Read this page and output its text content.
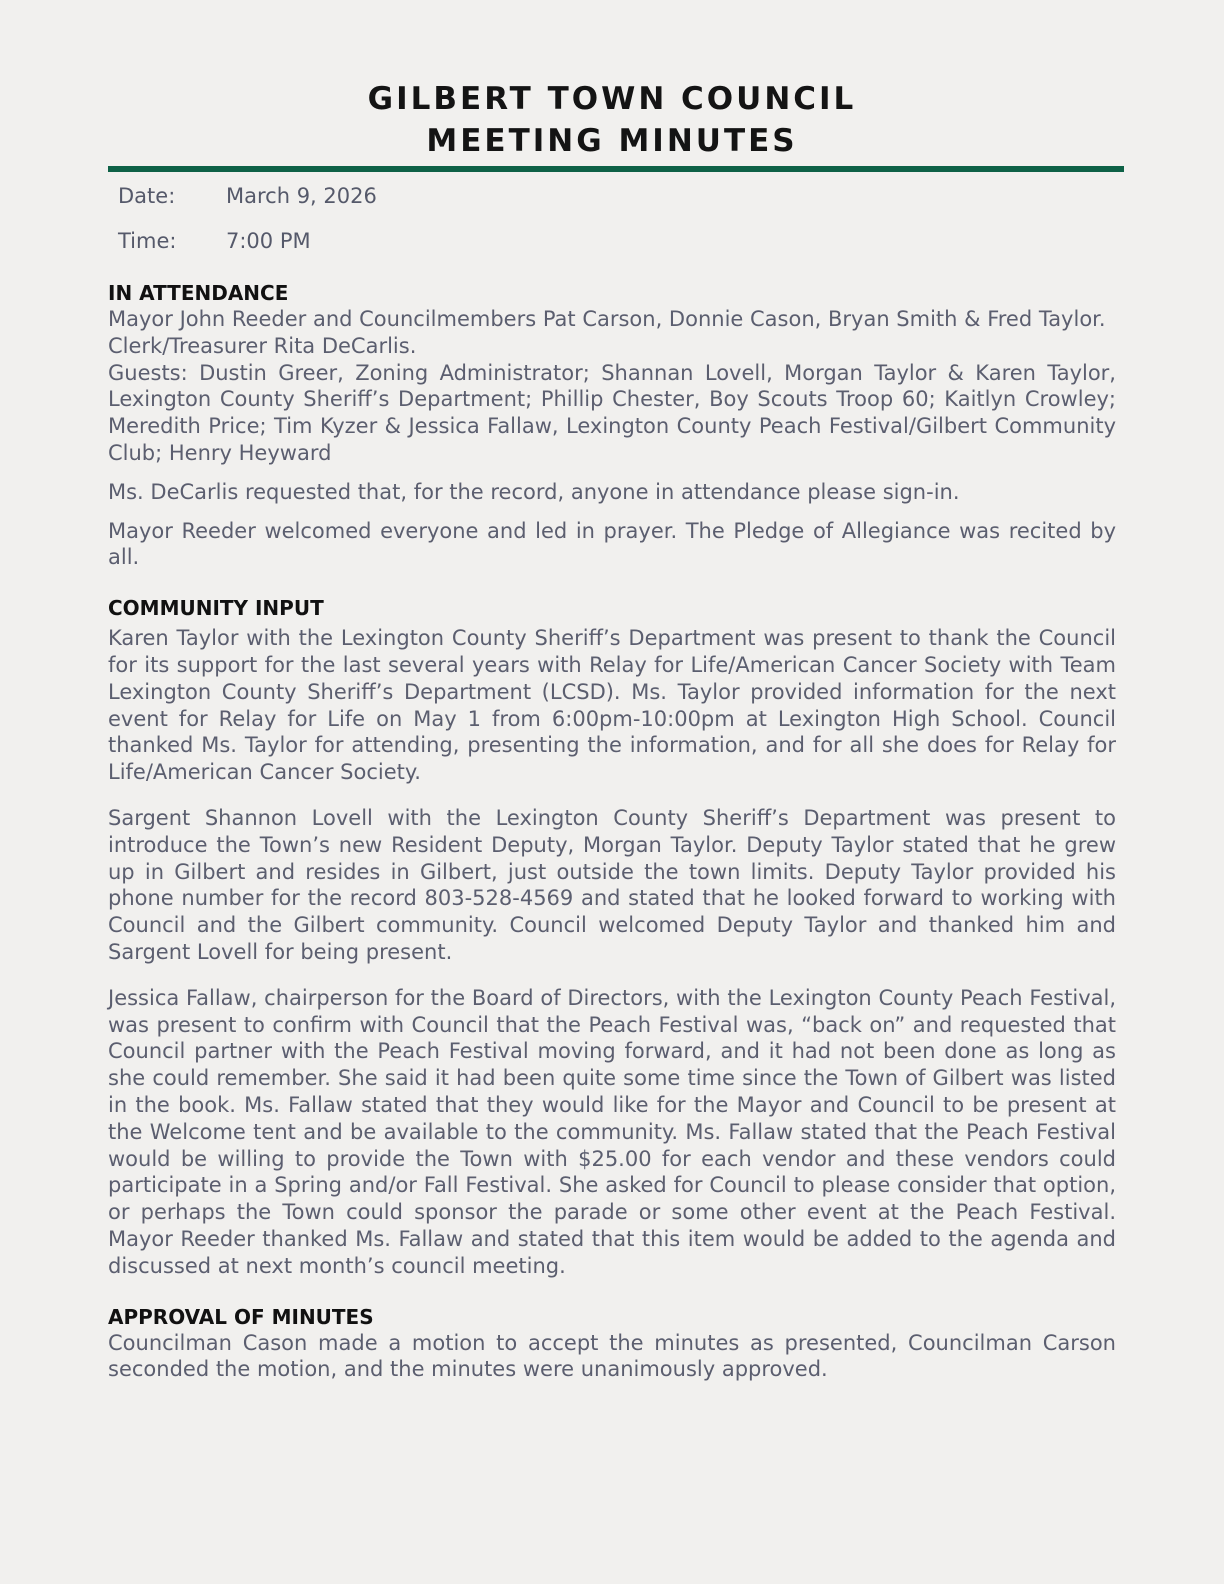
GILBERT TOWN COUNCIL
MEETING MINUTES
Date:	March 9, 2026
Time:	7:00 PM
IN ATTENDANCE

Mayor John Reeder and Councilmembers Pat Carson, Donnie Cason, Bryan Smith & Fred Taylor.

Clerk/Treasurer Rita DeCarlis.

Guests: Dustin Greer, Zoning Administrator; Shannan Lovell, Morgan Taylor & Karen Taylor, Lexington County Sheriff’s Department; Phillip Chester, Boy Scouts Troop 60; Kaitlyn Crowley; Meredith Price; Tim Kyzer & Jessica Fallaw, Lexington County Peach Festival/Gilbert Community Club; Henry Heyward

Ms. DeCarlis requested that, for the record, anyone in attendance please sign-in.

Mayor Reeder welcomed everyone and led in prayer. The Pledge of Allegiance was recited by all.

COMMUNITY INPUT

Karen Taylor with the Lexington County Sheriff’s Department was present to thank the Council for its support for the last several years with Relay for Life/American Cancer Society with Team Lexington County Sheriff’s Department (LCSD). Ms. Taylor provided information for the next event for Relay for Life on May 1 from 6:00pm-10:00pm at Lexington High School. Council thanked Ms. Taylor for attending, presenting the information, and for all she does for Relay for Life/American Cancer Society.

Sargent Shannon Lovell with the Lexington County Sheriff’s Department was present to introduce the Town’s new Resident Deputy, Morgan Taylor. Deputy Taylor stated that he grew up in Gilbert and resides in Gilbert, just outside the town limits. Deputy Taylor provided his phone number for the record 803-528-4569 and stated that he looked forward to working with Council and the Gilbert community. Council welcomed Deputy Taylor and thanked him and Sargent Lovell for being present.

Jessica Fallaw, chairperson for the Board of Directors, with the Lexington County Peach Festival, was present to confirm with Council that the Peach Festival was, “back on” and requested that Council partner with the Peach Festival moving forward, and it had not been done as long as she could remember. She said it had been quite some time since the Town of Gilbert was listed in the book. Ms. Fallaw stated that they would like for the Mayor and Council to be present at the Welcome tent and be available to the community. Ms. Fallaw stated that the Peach Festival would be willing to provide the Town with $25.00 for each vendor and these vendors could participate in a Spring and/or Fall Festival. She asked for Council to please consider that option, or perhaps the Town could sponsor the parade or some other event at the Peach Festival. Mayor Reeder thanked Ms. Fallaw and stated that this item would be added to the agenda and discussed at next month’s council meeting.

APPROVAL OF MINUTES

Councilman Cason made a motion to accept the minutes as presented, Councilman Carson seconded the motion, and the minutes were unanimously approved.
